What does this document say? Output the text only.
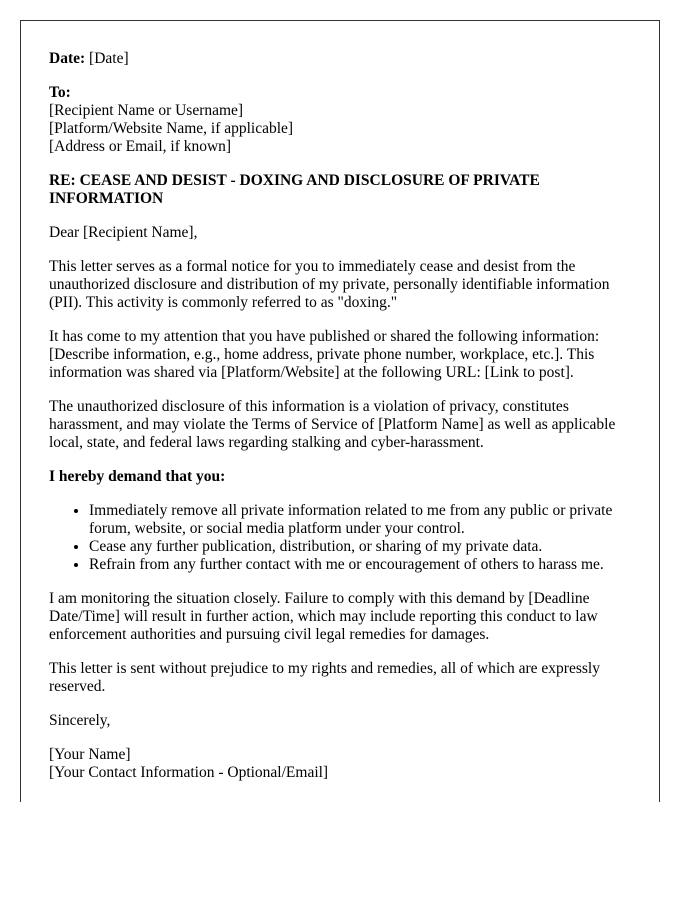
Date: [Date]
To:
[Recipient Name or Username]
[Platform/Website Name, if applicable]
[Address or Email, if known]
RE: CEASE AND DESIST - DOXING AND DISCLOSURE OF PRIVATE INFORMATION

Dear [Recipient Name],

This letter serves as a formal notice for you to immediately cease and desist from the unauthorized disclosure and distribution of my private, personally identifiable information (PII). This activity is commonly referred to as "doxing."

It has come to my attention that you have published or shared the following information: [Describe information, e.g., home address, private phone number, workplace, etc.]. This information was shared via [Platform/Website] at the following URL: [Link to post].

The unauthorized disclosure of this information is a violation of privacy, constitutes harassment, and may violate the Terms of Service of [Platform Name] as well as applicable local, state, and federal laws regarding stalking and cyber-harassment.

I hereby demand that you:

• Immediately remove all private information related to me from any public or private forum, website, or social media platform under your control.
• Cease any further publication, distribution, or sharing of my private data.
• Refrain from any further contact with me or encouragement of others to harass me.

I am monitoring the situation closely. Failure to comply with this demand by [Deadline Date/Time] will result in further action, which may include reporting this conduct to law enforcement authorities and pursuing civil legal remedies for damages.

This letter is sent without prejudice to my rights and remedies, all of which are expressly reserved.

Sincerely,

[Your Name]
[Your Contact Information - Optional/Email]
